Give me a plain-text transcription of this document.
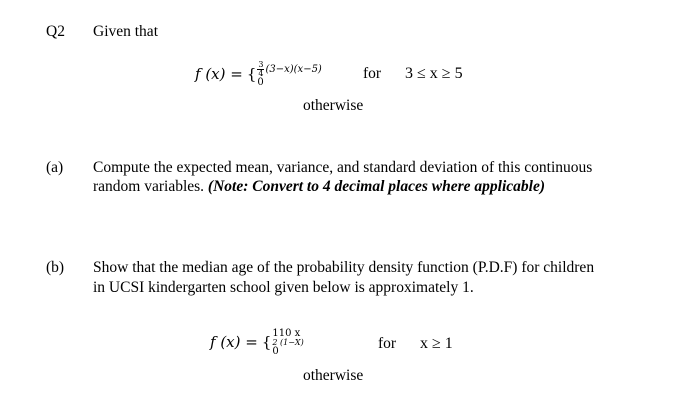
Q2 Given that
f (x) = { $\frac{3}{4} (3-x)(x-5)$
0
for 3 ≤ x ≥ 5
otherwise
(a) Compute the expected mean, variance, and standard deviation of this continuous
random variables. (Note: Convert to 4 decimal places where applicable)
(b) Show that the median age of the probability density function (P.D.F) for children
in UCSI kindergarten school given below is approximately 1.
f (x) = { 110 x
2 (1−X)
0	for x ≥ 1
otherwise
